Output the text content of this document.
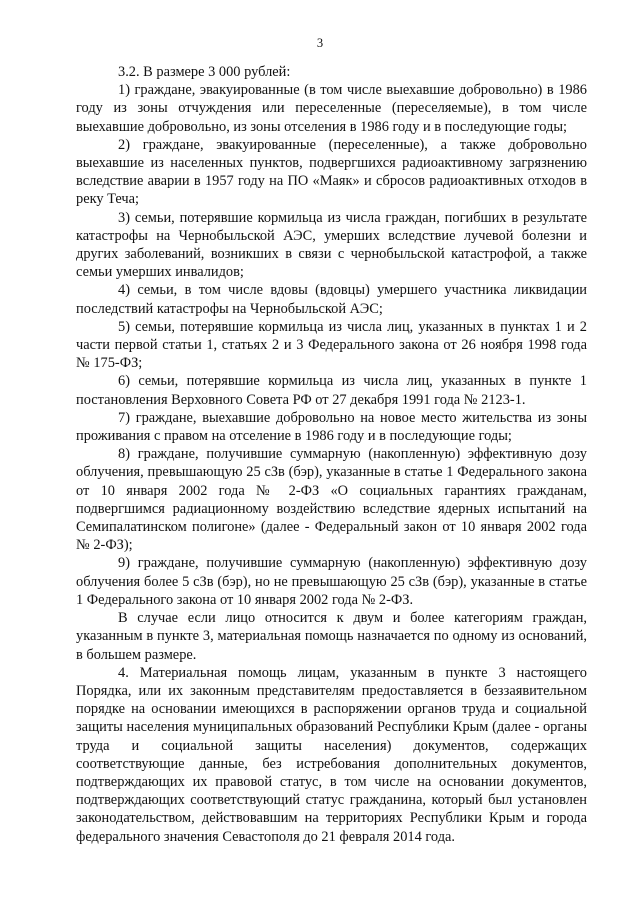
3

3.2. В размере 3 000 рублей:

1) граждане, эвакуированные (в том числе выехавшие добровольно) в 1986 году из зоны отчуждения или переселенные (переселяемые), в том числе выехавшие добровольно, из зоны отселения в 1986 году и в последующие годы;

2) граждане, эвакуированные (переселенные), а также добровольно выехавшие из населенных пунктов, подвергшихся радиоактивному загрязнению вследствие аварии в 1957 году на ПО «Маяк» и сбросов радиоактивных отходов в реку Теча;

3) семьи, потерявшие кормильца из числа граждан, погибших в результате катастрофы на Чернобыльской АЭС, умерших вследствие лучевой болезни и других заболеваний, возникших в связи с чернобыльской катастрофой, а также семьи умерших инвалидов;

4) семьи, в том числе вдовы (вдовцы) умершего участника ликвидации последствий катастрофы на Чернобыльской АЭС;

5) семьи, потерявшие кормильца из числа лиц, указанных в пунктах 1 и 2 части первой статьи 1, статьях 2 и 3 Федерального закона от 26 ноября 1998 года № 175-ФЗ;

6) семьи, потерявшие кормильца из числа лиц, указанных в пункте 1 постановления Верховного Совета РФ от 27 декабря 1991 года № 2123-1.

7) граждане, выехавшие добровольно на новое место жительства из зоны проживания с правом на отселение в 1986 году и в последующие годы;

8) граждане, получившие суммарную (накопленную) эффективную дозу облучения, превышающую 25 сЗв (бэр), указанные в статье 1 Федерального закона от 10 января 2002 года № 2-ФЗ «О социальных гарантиях гражданам, подвергшимся радиационному воздействию вследствие ядерных испытаний на Семипалатинском полигоне» (далее - Федеральный закон от 10 января 2002 года № 2-ФЗ);

9) граждане, получившие суммарную (накопленную) эффективную дозу облучения более 5 сЗв (бэр), но не превышающую 25 сЗв (бэр), указанные в статье 1 Федерального закона от 10 января 2002 года № 2-ФЗ.

В случае если лицо относится к двум и более категориям граждан, указанным в пункте 3, материальная помощь назначается по одному из оснований, в большем размере.

4. Материальная помощь лицам, указанным в пункте 3 настоящего Порядка, или их законным представителям предоставляется в беззаявительном порядке на основании имеющихся в распоряжении органов труда и социальной защиты населения муниципальных образований Республики Крым (далее - органы труда и социальной защиты населения) документов, содержащих соответствующие данные, без истребования дополнительных документов, подтверждающих их правовой статус, в том числе на основании документов, подтверждающих соответствующий статус гражданина, который был установлен законодательством, действовавшим на территориях Республики Крым и города федерального значения Севастополя до 21 февраля 2014 года.
